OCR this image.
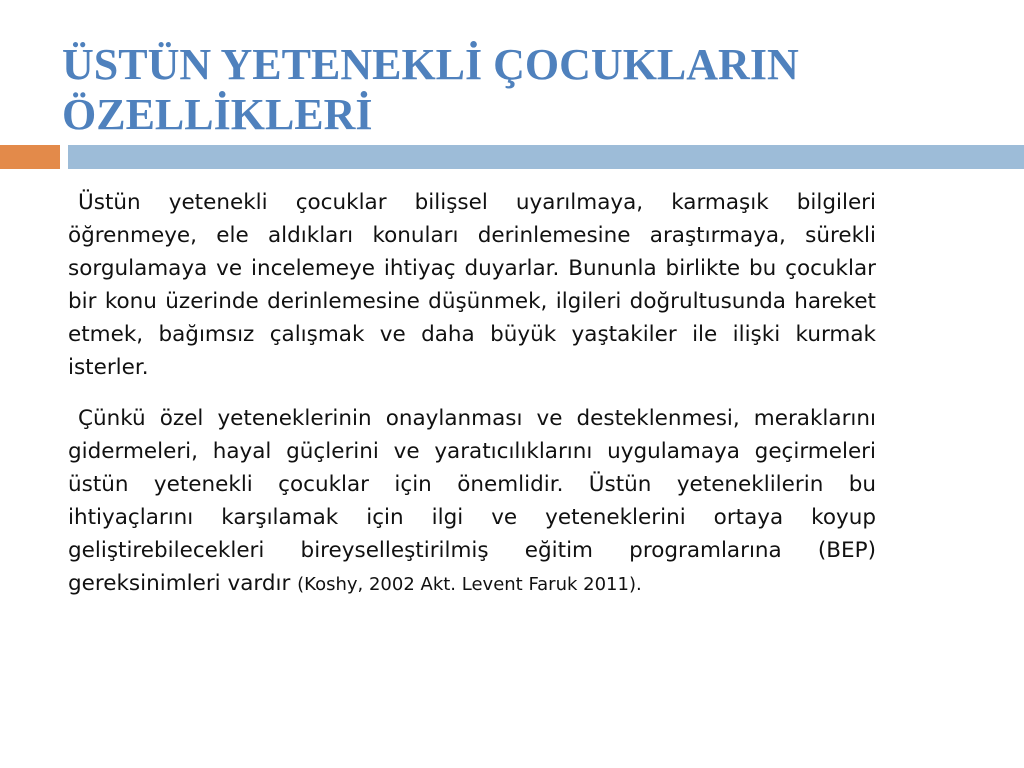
ÜSTÜN YETENEKLİ ÇOCUKLARIN
ÖZELLİKLERİ

Üstün yetenekli çocuklar bilişsel uyarılmaya, karmaşık bilgileri öğrenmeye, ele aldıkları konuları derinlemesine araştırmaya, sürekli sorgulamaya ve incelemeye ihtiyaç duyarlar. Bununla birlikte bu çocuklar bir konu üzerinde derinlemesine düşünmek, ilgileri doğrultusunda hareket etmek, bağımsız çalışmak ve daha büyük yaştakiler ile ilişki kurmak isterler.

Çünkü özel yeteneklerinin onaylanması ve desteklenmesi, meraklarını gidermeleri, hayal güçlerini ve yaratıcılıklarını uygulamaya geçirmeleri üstün yetenekli çocuklar için önemlidir. Üstün yeteneklilerin bu ihtiyaçlarını karşılamak için ilgi ve yeteneklerini ortaya koyup geliştirebilecekleri bireyselleştirilmiş eğitim programlarına (BEP) gereksinimleri vardır (Koshy, 2002 Akt. Levent Faruk 2011).
